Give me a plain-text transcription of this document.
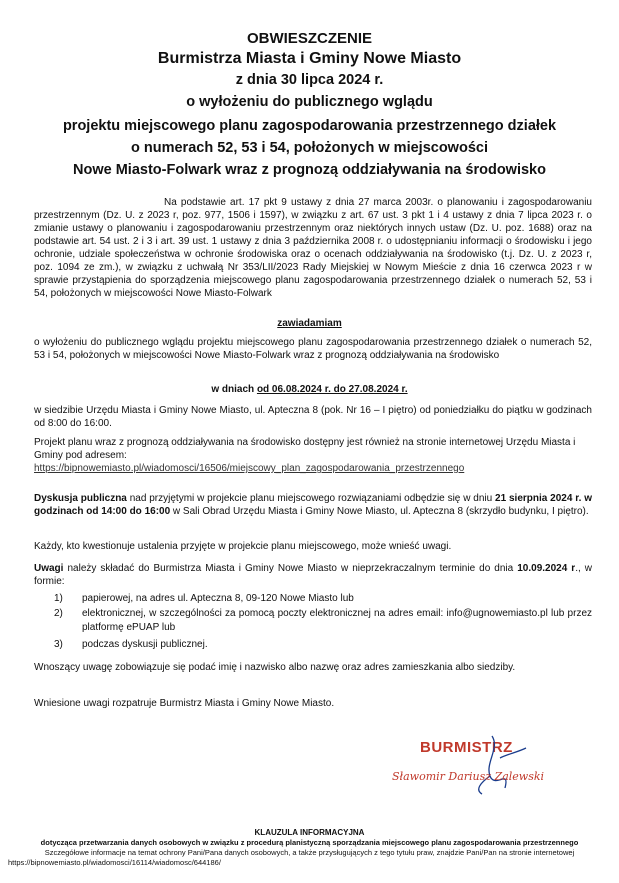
OBWIESZCZENIE
Burmistrza Miasta i Gminy Nowe Miasto
z dnia 30 lipca 2024 r.
o wyłożeniu do publicznego wglądu
projektu miejscowego planu zagospodarowania przestrzennego działek
o numerach 52, 53 i 54, położonych w miejscowości
Nowe Miasto-Folwark wraz z prognozą oddziaływania na środowisko
Na podstawie art. 17 pkt 9 ustawy z dnia 27 marca 2003r. o planowaniu i zagospodarowaniu przestrzennym (Dz. U. z 2023 r, poz. 977, 1506 i 1597), w związku z art. 67 ust. 3 pkt 1 i 4 ustawy z dnia 7 lipca 2023 r. o zmianie ustawy o planowaniu i zagospodarowaniu przestrzennym oraz niektórych innych ustaw (Dz. U. poz. 1688) oraz na podstawie art. 54 ust. 2 i 3 i art. 39 ust. 1 ustawy z dnia 3 października 2008 r. o udostępnianiu informacji o środowisku i jego ochronie, udziale społeczeństwa w ochronie środowiska oraz o ocenach oddziaływania na środowisko (t.j. Dz. U. z 2023 r, poz. 1094 ze zm.), w związku z uchwałą Nr 353/LII/2023 Rady Miejskiej w Nowym Mieście z dnia 16 czerwca 2023 r w sprawie przystąpienia do sporządzenia miejscowego planu zagospodarowania przestrzennego działek o numerach 52, 53 i 54, położonych w miejscowości Nowe Miasto-Folwark
zawiadamiam
o wyłożeniu do publicznego wglądu projektu miejscowego planu zagospodarowania przestrzennego działek o numerach 52, 53 i 54, położonych w miejscowości Nowe Miasto-Folwark wraz z prognozą oddziaływania na środowisko
w dniach od 06.08.2024 r. do 27.08.2024 r.
w siedzibie Urzędu Miasta i Gminy Nowe Miasto, ul. Apteczna 8 (pok. Nr 16 – I piętro) od poniedziałku do piątku w godzinach od 8:00 do 16:00.
Projekt planu wraz z prognozą oddziaływania na środowisko dostępny jest również na stronie internetowej Urzędu Miasta i Gminy pod adresem:
https://bipnowemiasto.pl/wiadomosci/16506/miejscowy_plan_zagospodarowania_przestrzennego
Dyskusja publiczna nad przyjętymi w projekcie planu miejscowego rozwiązaniami odbędzie się w dniu 21 sierpnia 2024 r. w godzinach od 14:00 do 16:00 w Sali Obrad Urzędu Miasta i Gminy Nowe Miasto, ul. Apteczna 8 (skrzydło budynku, I piętro).
Każdy, kto kwestionuje ustalenia przyjęte w projekcie planu miejscowego, może wnieść uwagi.
Uwagi należy składać do Burmistrza Miasta i Gminy Nowe Miasto w nieprzekraczalnym terminie do dnia 10.09.2024 r., w formie:
1)	papierowej, na adres ul. Apteczna 8, 09-120 Nowe Miasto lub
2)	elektronicznej, w szczególności za pomocą poczty elektronicznej na adres email: info@ugnowemiasto.pl lub przez platformę ePUAP lub
3)	podczas dyskusji publicznej.
Wnoszący uwagę zobowiązuje się podać imię i nazwisko albo nazwę oraz adres zamieszkania albo siedziby.
Wniesione uwagi rozpatruje Burmistrz Miasta i Gminy Nowe Miasto.
BURMISTRZ
Sławomir Dariusz Zalewski
KLAUZULA INFORMACYJNA
dotycząca przetwarzania danych osobowych w związku z procedurą planistyczną sporządzania miejscowego planu zagospodarowania przestrzennego
Szczegółowe informacje na temat ochrony Pani/Pana danych osobowych, a także przysługujących z tego tytułu praw, znajdzie Pani/Pan na stronie internetowej
https://bipnowemiasto.pl/wiadomosci/16114/wiadomosc/644186/
